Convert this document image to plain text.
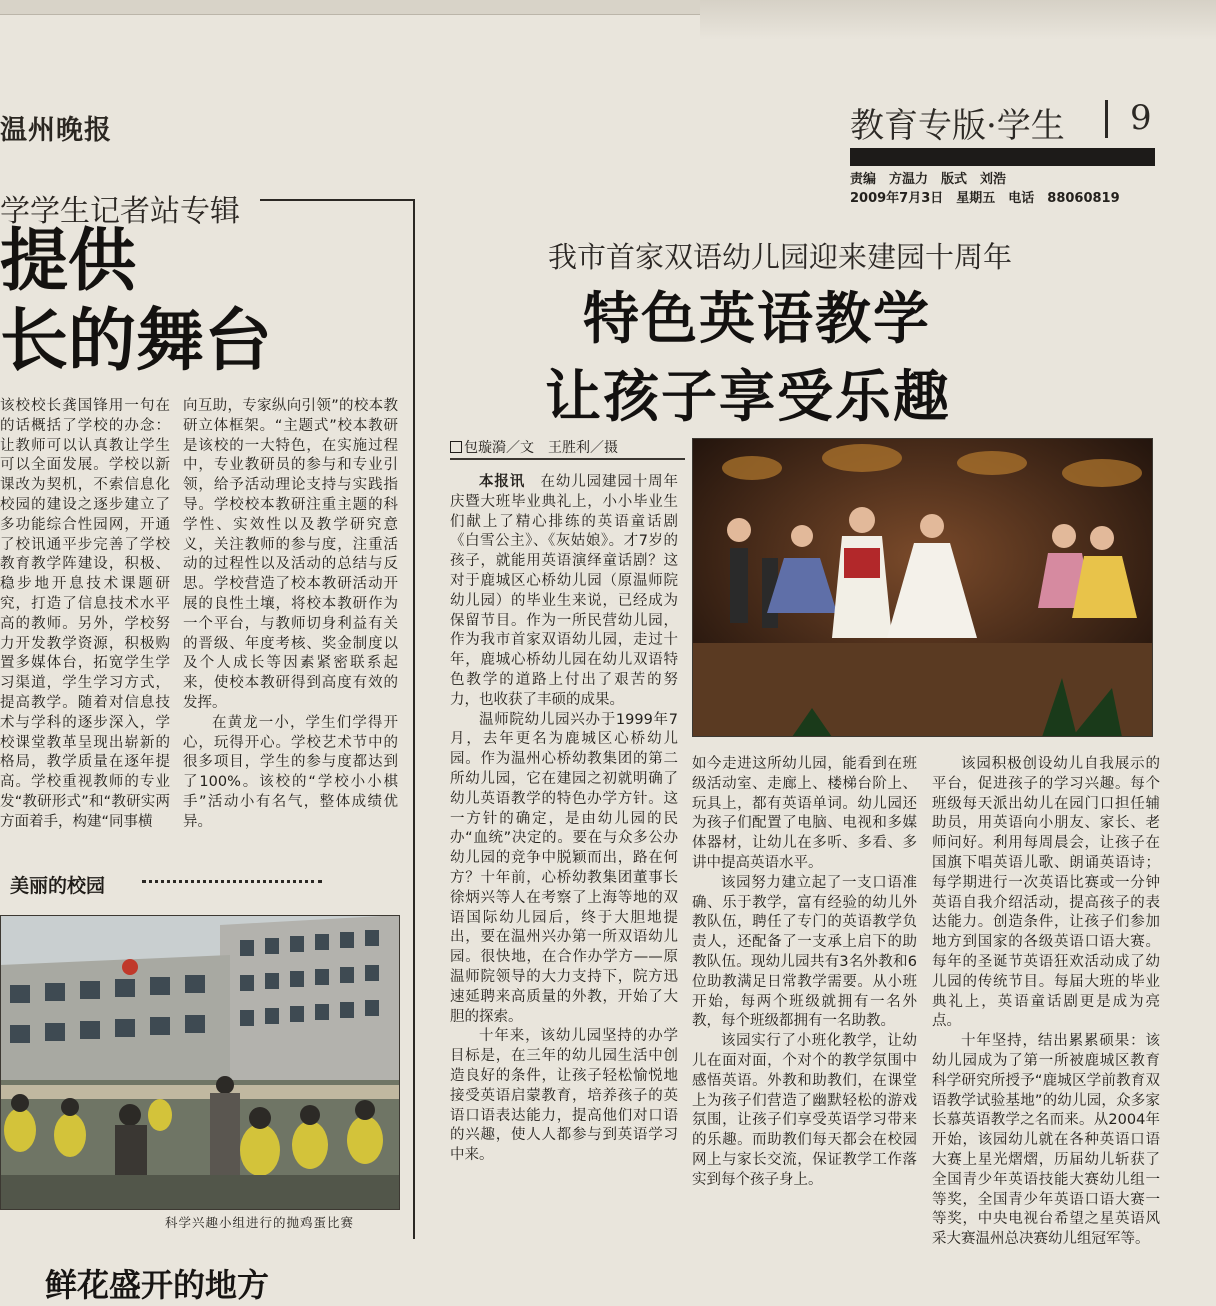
温州晚报	教育专版·学生 9
责编　方温力　版式　刘浩
2009年7月3日　星期五　电话　88060819
学学生记者站专辑
提供
长的舞台
该校校长龚国锋用一句在的话概括了学校的办念：让教师可以认真教让学生可以全面发展。学校以新课改为契机，不索信息化校园的建设之逐步建立了多功能综合性园网，开通了校讯通平步完善了学校教育教学阵建设，积极、稳步地开息技术课题研究，打造了信息技术水平高的教师。另外，学校努力开发教学资源，积极购置多媒体台，拓宽学生学习渠道，学生学习方式，提高教学。随着对信息技术与学科的逐步深入，学校课堂教革呈现出崭新的格局，教学质量在逐年提高。学校重视教师的专业发“教研形式”和“教研实两方面着手，构建“同事横

向互助，专家纵向引领”的校本教研立体框架。“主题式”校本教研是该校的一大特色，在实施过程中，专业教研员的参与和专业引领，给予活动理论支持与实践指导。学校校本教研注重主题的科学性、实效性以及教学研究意义，关注教师的参与度，注重活动的过程性以及活动的总结与反思。学校营造了校本教研活动开展的良性土壤，将校本教研作为一个平台，与教师切身利益有关的晋级、年度考核、奖金制度以及个人成长等因素紧密联系起来，使校本教研得到高度有效的发挥。

在黄龙一小，学生们学得开心，玩得开心。学校艺术节中的很多项目，学生的参与度都达到了100%。该校的“学校小小棋手”活动小有名气，整体成绩优异。

美丽的校园
科学兴趣小组进行的抛鸡蛋比赛
鲜花盛开的地方
我市首家双语幼儿园迎来建园十周年
特色英语教学
让孩子享受乐趣
包璇漪／文　王胜利／摄

本报讯　 在幼儿园建园十周年庆暨大班毕业典礼上，小小毕业生们献上了精心排练的英语童话剧《白雪公主》、《灰姑娘》。才7岁的孩子，就能用英语演绎童话剧？这对于鹿城区心桥幼儿园（原温师院幼儿园）的毕业生来说，已经成为保留节目。作为一所民营幼儿园，作为我市首家双语幼儿园，走过十年，鹿城心桥幼儿园在幼儿双语特色教学的道路上付出了艰苦的努力，也收获了丰硕的成果。

温师院幼儿园兴办于1999年7月，去年更名为鹿城区心桥幼儿园。作为温州心桥幼教集团的第二所幼儿园，它在建园之初就明确了幼儿英语教学的特色办学方针。这一方针的确定，是由幼儿园的民办“血统”决定的。要在与众多公办幼儿园的竞争中脱颖而出，路在何方？十年前，心桥幼教集团董事长徐炳兴等人在考察了上海等地的双语国际幼儿园后，终于大胆地提出，要在温州兴办第一所双语幼儿园。很快地，在合作办学方——原温师院领导的大力支持下，院方迅速延聘来高质量的外教，开始了大胆的探索。

十年来，该幼儿园坚持的办学目标是，在三年的幼儿园生活中创造良好的条件，让孩子轻松愉悦地接受英语启蒙教育，培养孩子的英语口语表达能力，提高他们对口语的兴趣，使人人都参与到英语学习中来。

如今走进这所幼儿园，能看到在班级活动室、走廊上、楼梯台阶上、玩具上，都有英语单词。幼儿园还为孩子们配置了电脑、电视和多媒体器材，让幼儿在多听、多看、多讲中提高英语水平。

该园努力建立起了一支口语准确、乐于教学，富有经验的幼儿外教队伍，聘任了专门的英语教学负责人，还配备了一支承上启下的助教队伍。现幼儿园共有3名外教和6位助教满足日常教学需要。从小班开始，每两个班级就拥有一名外教，每个班级都拥有一名助教。

该园实行了小班化教学，让幼儿在面对面，个对个的教学氛围中感悟英语。外教和助教们，在课堂上为孩子们营造了幽默轻松的游戏氛围，让孩子们享受英语学习带来的乐趣。而助教们每天都会在校园网上与家长交流，保证教学工作落实到每个孩子身上。

该园积极创设幼儿自我展示的平台，促进孩子的学习兴趣。每个班级每天派出幼儿在园门口担任辅助员，用英语向小朋友、家长、老师问好。利用每周晨会，让孩子在国旗下唱英语儿歌、朗诵英语诗；每学期进行一次英语比赛或一分钟英语自我介绍活动，提高孩子的表达能力。创造条件，让孩子们参加地方到国家的各级英语口语大赛。每年的圣诞节英语狂欢活动成了幼儿园的传统节目。每届大班的毕业典礼上，英语童话剧更是成为亮点。

十年坚持，结出累累硕果：该幼儿园成为了第一所被鹿城区教育科学研究所授予“鹿城区学前教育双语教学试验基地”的幼儿园，众多家长慕英语教学之名而来。从2004年开始，该园幼儿就在各种英语口语大赛上星光熠熠，历届幼儿斩获了全国青少年英语技能大赛幼儿组一等奖，全国青少年英语口语大赛一等奖，中央电视台希望之星英语风采大赛温州总决赛幼儿组冠军等。
